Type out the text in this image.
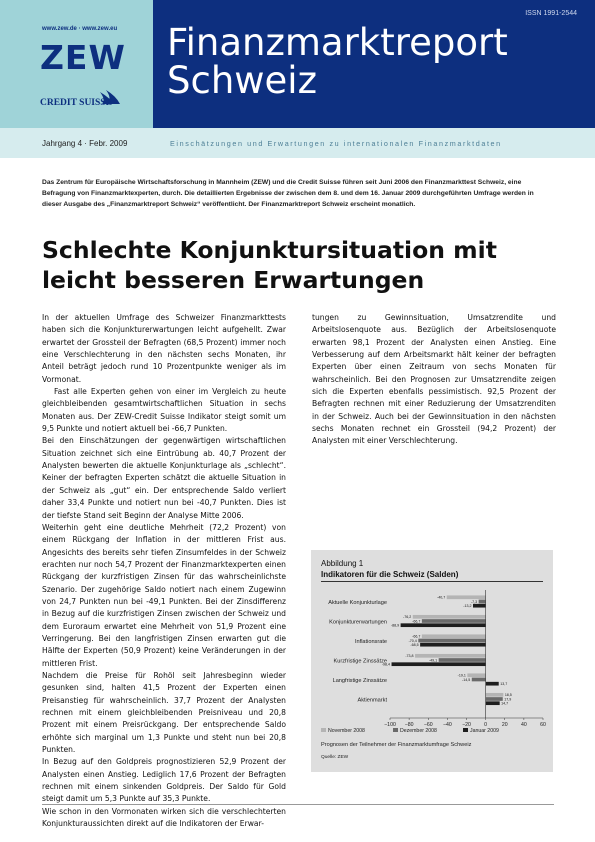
www.zew.de · www.zew.eu
ZEW
CREDIT SUISSE
ISSN 1991-2544
Finanzmarktreport
Schweiz
Jahrgang 4 · Febr. 2009	Einschätzungen und Erwartungen zu internationalen Finanzmarktdaten
Das Zentrum für Europäische Wirtschaftsforschung in Mannheim (ZEW) und die Credit Suisse führen seit Juni 2006 den Finanzmarkttest Schweiz, eine Befragung von Finanzmarktexperten, durch. Die detaillierten Ergebnisse der zwischen dem 8. und dem 16. Januar 2009 durchgeführten Umfrage werden in dieser Ausgabe des „Finanzmarktreport Schweiz“ veröffentlicht. Der Finanzmarktreport Schweiz erscheint monatlich.
Schlechte Konjunktursituation mit leicht besseren Erwartungen

In der aktuellen Umfrage des Schweizer Finanzmarkttests haben sich die Konjunkturerwartungen leicht aufgehellt. Zwar erwartet der Grossteil der Befragten (68,5 Prozent) immer noch eine Verschlechterung in den nächsten sechs Monaten, ihr Anteil beträgt jedoch rund 10 Prozentpunkte weniger als im Vormonat.

Fast alle Experten gehen von einer im Vergleich zu heute gleichbleibenden gesamtwirtschaftlichen Situation in sechs Monaten aus. Der ZEW-Credit Suisse Indikator steigt somit um 9,5 Punkte und notiert aktuell bei -66,7 Punkten.

Bei den Einschätzungen der gegenwärtigen wirtschaftlichen Situation zeichnet sich eine Eintrübung ab. 40,7 Prozent der Analysten bewerten die aktuelle Konjunkturlage als „schlecht“. Keiner der befragten Experten schätzt die aktuelle Situation in der Schweiz als „gut“ ein. Der entsprechende Saldo verliert daher 33,4 Punkte und notiert nun bei -40,7 Punkten. Dies ist der tiefste Stand seit Beginn der Analyse Mitte 2006.

Weiterhin geht eine deutliche Mehrheit (72,2 Prozent) von einem Rückgang der Inflation in der mittleren Frist aus. Angesichts des bereits sehr tiefen Zinsumfeldes in der Schweiz erachten nur noch 54,7 Prozent der Finanzmarktexperten einen Rückgang der kurzfristigen Zinsen für das wahrscheinlichste Szenario. Der zugehörige Saldo notiert nach einem Zugewinn von 24,7 Punkten nun bei -49,1 Punkten. Bei der Zinsdifferenz in Bezug auf die kurzfristigen Zinsen zwischen der Schweiz und dem Euroraum erwartet eine Mehrheit von 51,9 Prozent eine Verringerung. Bei den langfristigen Zinsen erwarten gut die Hälfte der Experten (50,9 Prozent) keine Veränderungen in der mittleren Frist.

Nachdem die Preise für Rohöl seit Jahresbeginn wieder gesunken sind, halten 41,5 Prozent der Experten einen Preisanstieg für wahrscheinlich. 37,7 Prozent der Analysten rechnen mit einem gleichbleibenden Preisniveau und 20,8 Prozent mit einem Preisrückgang. Der entsprechende Saldo erhöhte sich marginal um 1,3 Punkte und steht nun bei 20,8 Punkten.

In Bezug auf den Goldpreis prognostizieren 52,9 Prozent der Analysten einen Anstieg. Lediglich 17,6 Prozent der Befragten rechnen mit einem sinkenden Goldpreis. Der Saldo für Gold steigt damit um 5,3 Punkte auf 35,3 Punkte.

Wie schon in den Vormonaten wirken sich die verschlechterten Konjunkturaussichten direkt auf die Indikatoren der Erwar-

tungen zu Gewinnsituation, Umsatzrendite und Arbeitslosenquote aus. Bezüglich der Arbeitslosenquote erwarten 98,1 Prozent der Analysten einen Anstieg. Eine Verbesserung auf dem Arbeitsmarkt hält keiner der befragten Experten über einen Zeitraum von sechs Monaten für wahrscheinlich. Bei den Prognosen zur Umsatzrendite zeigen sich die Experten ebenfalls pessimistisch. 92,5 Prozent der Befragten rechnen mit einer Reduzierung der Umsatzrenditen in der Schweiz. Auch bei der Gewinnsituation in den nächsten sechs Monaten rechnet ein Grossteil (94,2 Prozent) der Analysten mit einer Verschlechterung.

Abbildung 1
Indikatoren für die Schweiz (Salden)
Aktuelle Konjunkturlage
-40,7
-7,3
-13,2
Konjunkturerwartungen
-76,2
-66,7
-88,9
Inflationsrate
-66,7
-70,4
-68,5
Kurzfristige Zinssätze
-73,8
-49,1
-98,4
Langfristige Zinssätze
-19,1
-14,5
13,7
Aktienmarkt
18,5
17,9
14,7
−100 −80 −60 −40 −20	0	20	40	60
November 2008	Dezember 2008	Januar 2009
Prognosen der Teilnehmer der Finanzmarktumfrage Schweiz
Quelle: ZEW
